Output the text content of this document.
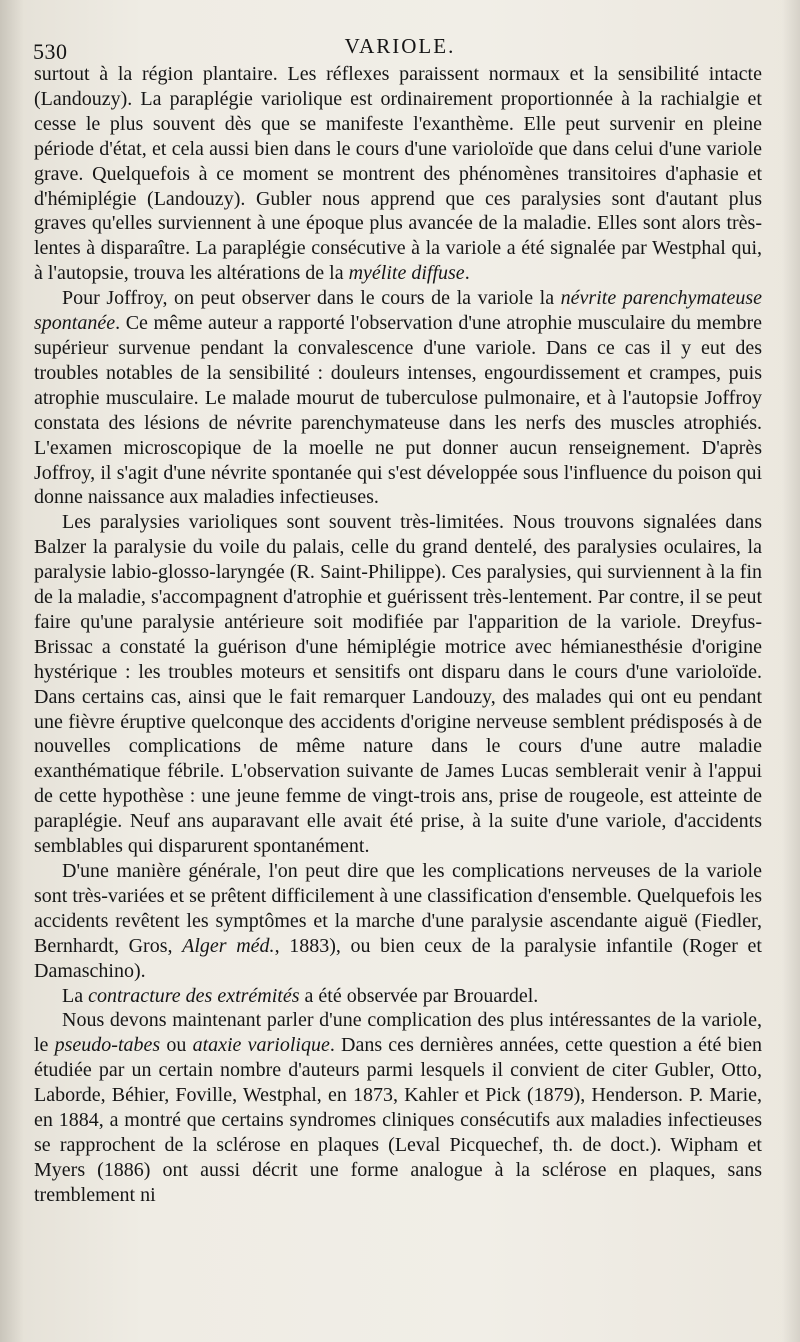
530	VARIOLE.

surtout à la région plantaire. Les réflexes paraissent normaux et la sensibilité intacte (Landouzy). La paraplégie variolique est ordinairement proportionnée à la rachialgie et cesse le plus souvent dès que se manifeste l'exanthème. Elle peut survenir en pleine période d'état, et cela aussi bien dans le cours d'une varioloïde que dans celui d'une variole grave. Quelquefois à ce moment se montrent des phénomènes transitoires d'aphasie et d'hémiplégie (Landouzy). Gubler nous apprend que ces paralysies sont d'autant plus graves qu'elles surviennent à une époque plus avancée de la maladie. Elles sont alors très-lentes à disparaître. La paraplégie consécutive à la variole a été signalée par Westphal qui, à l'autopsie, trouva les altérations de la myélite diffuse.

Pour Joffroy, on peut observer dans le cours de la variole la névrite parenchymateuse spontanée. Ce même auteur a rapporté l'observation d'une atrophie musculaire du membre supérieur survenue pendant la convalescence d'une variole. Dans ce cas il y eut des troubles notables de la sensibilité : douleurs intenses, engourdissement et crampes, puis atrophie musculaire. Le malade mourut de tuberculose pulmonaire, et à l'autopsie Joffroy constata des lésions de névrite parenchymateuse dans les nerfs des muscles atrophiés. L'examen microscopique de la moelle ne put donner aucun renseignement. D'après Joffroy, il s'agit d'une névrite spontanée qui s'est développée sous l'influence du poison qui donne naissance aux maladies infectieuses.

Les paralysies varioliques sont souvent très-limitées. Nous trouvons signalées dans Balzer la paralysie du voile du palais, celle du grand dentelé, des paralysies oculaires, la paralysie labio-glosso-laryngée (R. Saint-Philippe). Ces paralysies, qui surviennent à la fin de la maladie, s'accompagnent d'atrophie et guérissent très-lentement. Par contre, il se peut faire qu'une paralysie antérieure soit modifiée par l'apparition de la variole. Dreyfus-Brissac a constaté la guérison d'une hémiplégie motrice avec hémianesthésie d'origine hystérique : les troubles moteurs et sensitifs ont disparu dans le cours d'une varioloïde. Dans certains cas, ainsi que le fait remarquer Landouzy, des malades qui ont eu pendant une fièvre éruptive quelconque des accidents d'origine nerveuse semblent prédisposés à de nouvelles complications de même nature dans le cours d'une autre maladie exanthématique fébrile. L'observation suivante de James Lucas semblerait venir à l'appui de cette hypothèse : une jeune femme de vingt-trois ans, prise de rougeole, est atteinte de paraplégie. Neuf ans auparavant elle avait été prise, à la suite d'une variole, d'accidents semblables qui disparurent spontanément.

D'une manière générale, l'on peut dire que les complications nerveuses de la variole sont très-variées et se prêtent difficilement à une classification d'ensemble. Quelquefois les accidents revêtent les symptômes et la marche d'une paralysie ascendante aiguë (Fiedler, Bernhardt, Gros, Alger méd., 1883), ou bien ceux de la paralysie infantile (Roger et Damaschino).

La contracture des extrémités a été observée par Brouardel.

Nous devons maintenant parler d'une complication des plus intéressantes de la variole, le pseudo-tabes ou ataxie variolique. Dans ces dernières années, cette question a été bien étudiée par un certain nombre d'auteurs parmi lesquels il convient de citer Gubler, Otto, Laborde, Béhier, Foville, Westphal, en 1873, Kahler et Pick (1879), Henderson. P. Marie, en 1884, a montré que certains syndromes cliniques consécutifs aux maladies infectieuses se rapprochent de la sclérose en plaques (Leval Picquechef, th. de doct.). Wipham et Myers (1886) ont aussi décrit une forme analogue à la sclérose en plaques, sans tremblement ni
